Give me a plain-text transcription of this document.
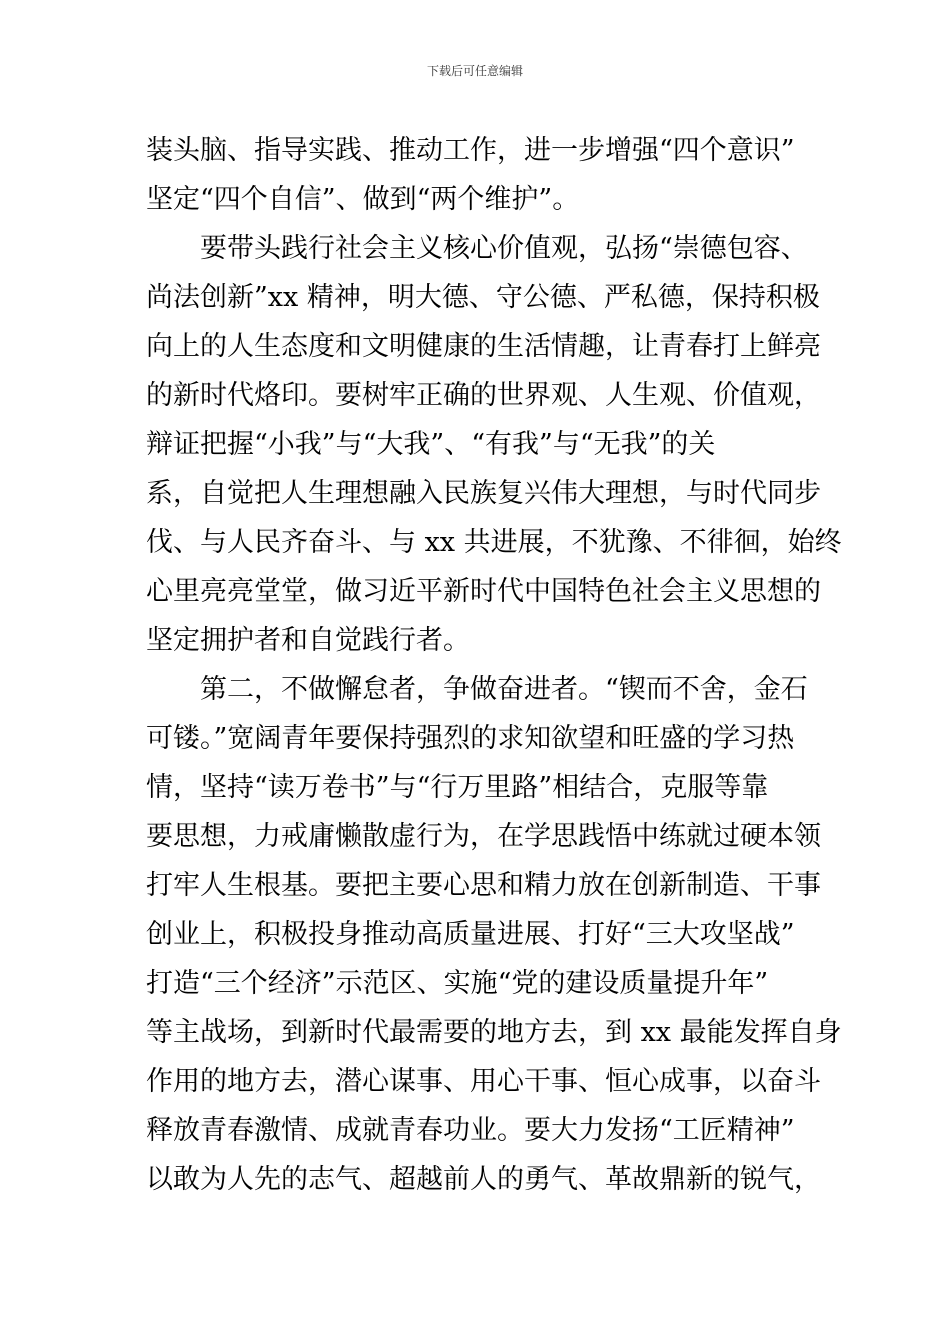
下载后可任意编辑
装头脑、指导实践、推动工作，进一步增强“四个意识”
坚定“四个自信”、做到“两个维护”。
要带头践行社会主义核心价值观，弘扬“崇德包容、
尚法创新”xx 精神，明大德、守公德、严私德，保持积极
向上的人生态度和文明健康的生活情趣，让青春打上鲜亮
的新时代烙印。要树牢正确的世界观、人生观、价值观，
辩证把握“小我”与“大我”、“有我”与“无我”的关
系，自觉把人生理想融入民族复兴伟大理想，与时代同步
伐、与人民齐奋斗、与 xx 共进展，不犹豫、不徘徊，始终
心里亮亮堂堂，做习近平新时代中国特色社会主义思想的
坚定拥护者和自觉践行者。
第二，不做懈怠者，争做奋进者。“锲而不舍，金石
可镂。”宽阔青年要保持强烈的求知欲望和旺盛的学习热
情，坚持“读万卷书”与“行万里路”相结合，克服等靠
要思想，力戒庸懒散虚行为，在学思践悟中练就过硬本领
打牢人生根基。要把主要心思和精力放在创新制造、干事
创业上，积极投身推动高质量进展、打好“三大攻坚战”
打造“三个经济”示范区、实施“党的建设质量提升年”
等主战场，到新时代最需要的地方去，到 xx 最能发挥自身
作用的地方去，潜心谋事、用心干事、恒心成事，以奋斗
释放青春激情、成就青春功业。要大力发扬“工匠精神”
以敢为人先的志气、超越前人的勇气、革故鼎新的锐气，
